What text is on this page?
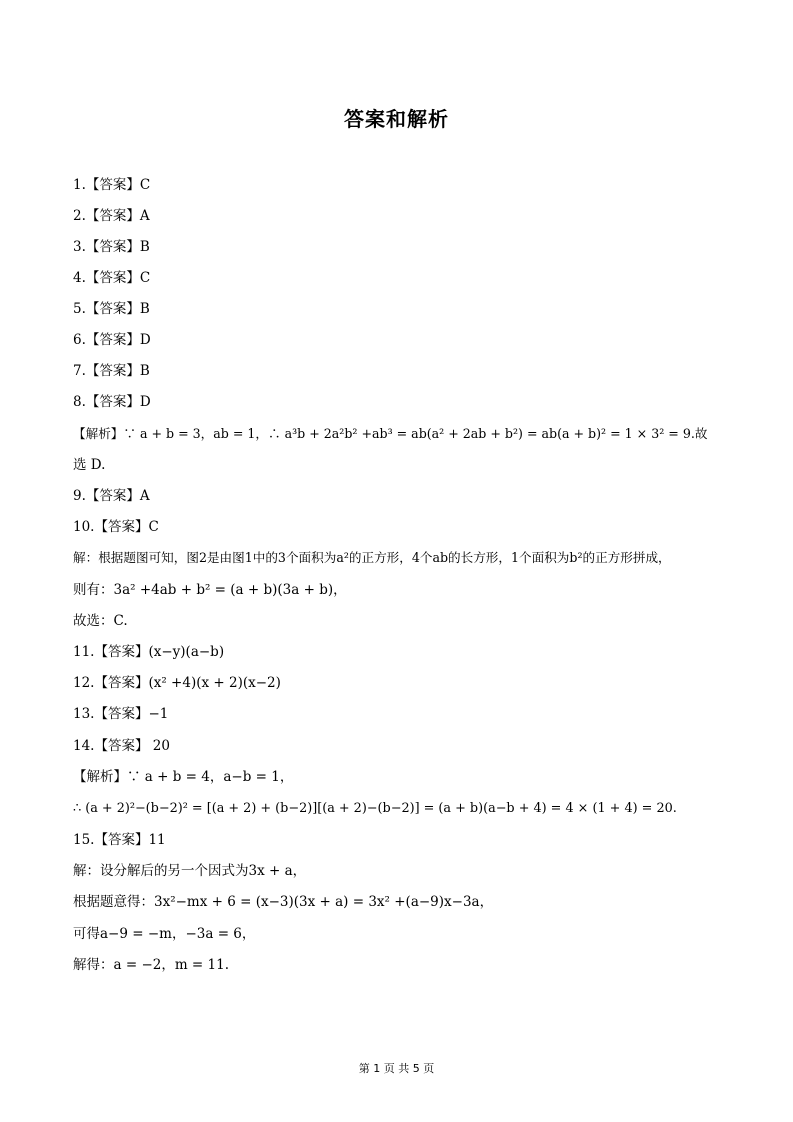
答案和解析
1.【答案】C
2.【答案】A
3.【答案】B
4.【答案】C
5.【答案】B
6.【答案】D
7.【答案】B
8.【答案】D
【解析】∵ a + b = 3，ab = 1，∴ a³b + 2a²b² +ab³ = ab(a² + 2ab + b²) = ab(a + b)² = 1 × 3² = 9.故
选 D.
9.【答案】A
10.【答案】C
解：根据题图可知，图2是由图1中的3个面积为a²的正方形，4个ab的长方形，1个面积为b²的正方形拼成，
则有：3a² +4ab + b² = (a + b)(3a + b)，
故选：C.
11.【答案】(x−y)(a−b)
12.【答案】(x² +4)(x + 2)(x−2)
13.【答案】−1
14.【答案】 20
【解析】∵ a + b = 4，a−b = 1，
∴ (a + 2)²−(b−2)² = [(a + 2) + (b−2)][(a + 2)−(b−2)] = (a + b)(a−b + 4) = 4 × (1 + 4) = 20.
15.【答案】11
解：设分解后的另一个因式为3x + a，
根据题意得：3x²−mx + 6 = (x−3)(3x + a) = 3x² +(a−9)x−3a，
可得a−9 = −m，−3a = 6，
解得：a = −2，m = 11.
第 1 页 共 5 页
